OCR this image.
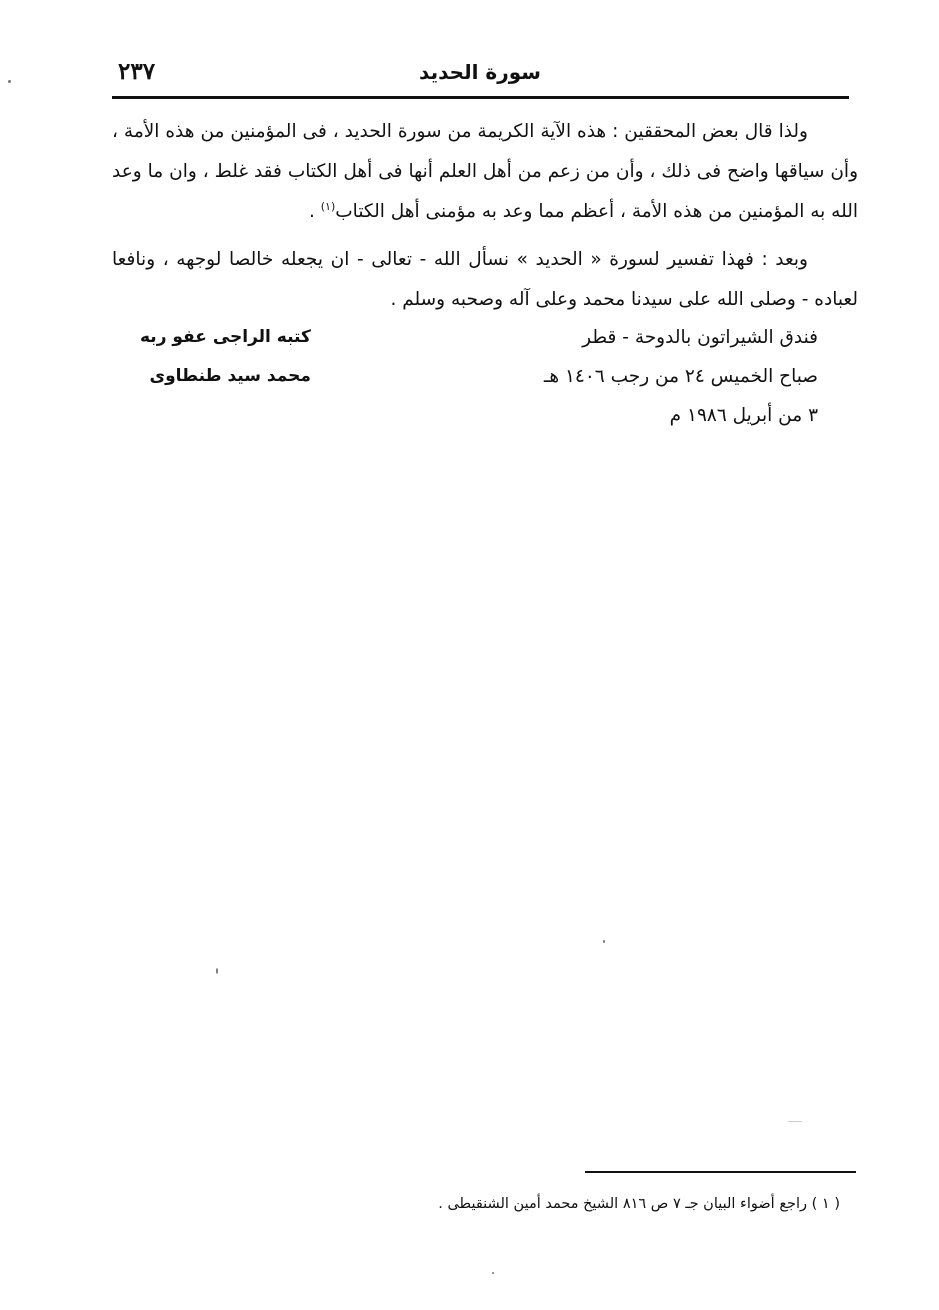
٢٣٧	سورة الحديد

ولذا قال بعض المحققين : هذه الآية الكريمة من سورة الحديد ، فى المؤمنين من هذه الأمة ، وأن سياقها واضح فى ذلك ، وأن من زعم من أهل العلم أنها فى أهل الكتاب فقد غلط ، وان ما وعد الله به المؤمنين من هذه الأمة ، أعظم مما وعد به مؤمنى أهل الكتاب$^{(١)}$ .

وبعد : فهذا تفسير لسورة « الحديد » نسأل الله - تعالى - ان يجعله خالصا لوجهه ، ونافعا لعباده - وصلى الله على سيدنا محمد وعلى آله وصحبه وسلم .

فندق الشيراتون بالدوحة - قطر
صباح الخميس ٢٤ من رجب ١٤٠٦ هـ
٣ من أبريل ١٩٨٦ م
كتبه الراجى عفو ربه
محمد سيد طنطاوى
( ١ ) راجع أضواء البيان جـ ٧ ص ٨١٦ الشيخ محمد أمين الشنقيطى .
